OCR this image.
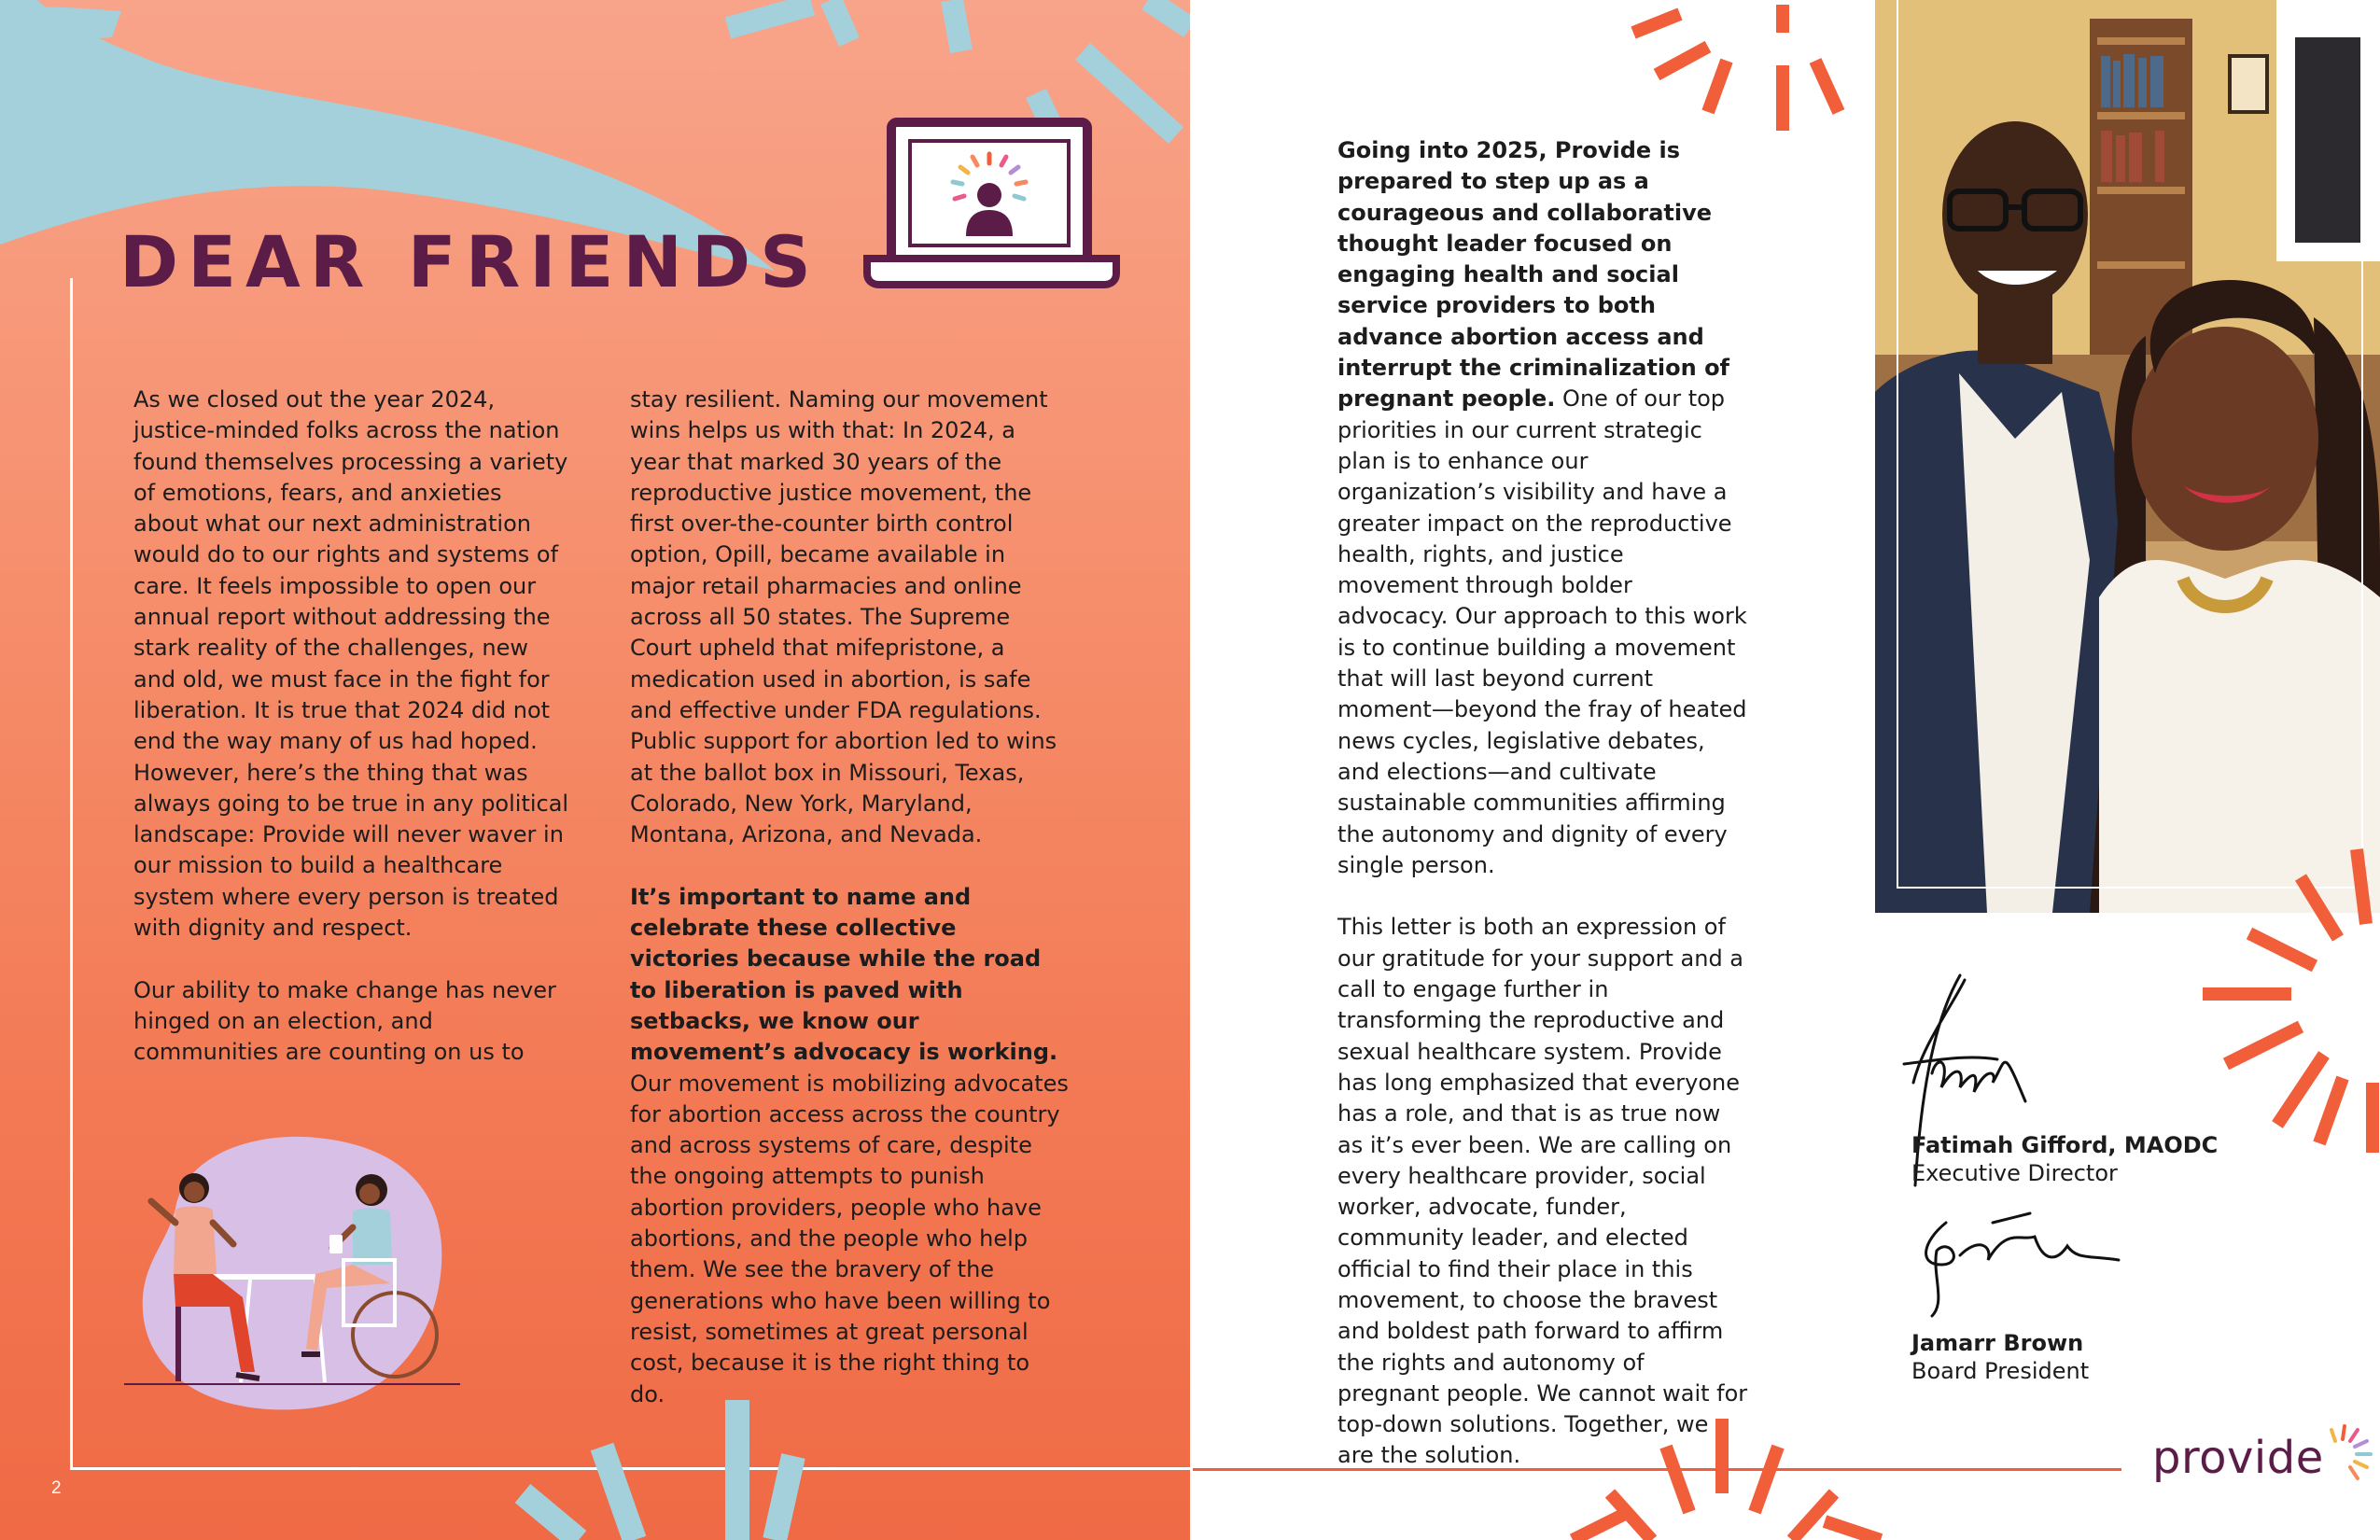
DEAR FRIENDS

As we closed out the year 2024, justice-minded folks across the nation found themselves processing a variety of emotions, fears, and anxieties about what our next administration would do to our rights and systems of care. It feels impossible to open our annual report without addressing the stark reality of the challenges, new and old, we must face in the fight for liberation. It is true that 2024 did not end the way many of us had hoped. However, here’s the thing that was always going to be true in any political landscape: Provide will never waver in our mission to build a healthcare system where every person is treated with dignity and respect.

Our ability to make change has never hinged on an election, and communities are counting on us to

stay resilient. Naming our movement wins helps us with that: In 2024, a year that marked 30 years of the reproductive justice movement, the first over-the-counter birth control option, Opill, became available in major retail pharmacies and online across all 50 states. The Supreme Court upheld that mifepristone, a medication used in abortion, is safe and effective under FDA regulations. Public support for abortion led to wins at the ballot box in Missouri, Texas, Colorado, New York, Maryland, Montana, Arizona, and Nevada.

It’s important to name and celebrate these collective victories because while the road to liberation is paved with setbacks, we know our movement’s advocacy is working. Our movement is mobilizing advocates for abortion access across the country and across systems of care, despite the ongoing attempts to punish abortion providers, people who have abortions, and the people who help them. We see the bravery of the generations who have been willing to resist, sometimes at great personal cost, because it is the right thing to do.

2

Going into 2025, Provide is prepared to step up as a courageous and collaborative thought leader focused on engaging health and social service providers to both advance abortion access and interrupt the criminalization of pregnant people. One of our top priorities in our current strategic plan is to enhance our organization’s visibility and have a greater impact on the reproductive health, rights, and justice movement through bolder advocacy. Our approach to this work is to continue building a movement that will last beyond current moment—beyond the fray of heated news cycles, legislative debates, and elections—and cultivate sustainable communities affirming the autonomy and dignity of every single person.

This letter is both an expression of our gratitude for your support and a call to engage further in transforming the reproductive and sexual healthcare system. Provide has long emphasized that everyone has a role, and that is as true now as it’s ever been. We are calling on every healthcare provider, social worker, advocate, funder, community leader, and elected official to find their place in this movement, to choose the bravest and boldest path forward to affirm the rights and autonomy of pregnant people. We cannot wait for top-down solutions. Together, we are the solution.

Fatimah Gifford, MAODC
Executive Director
Jamarr Brown
Board President
provide
